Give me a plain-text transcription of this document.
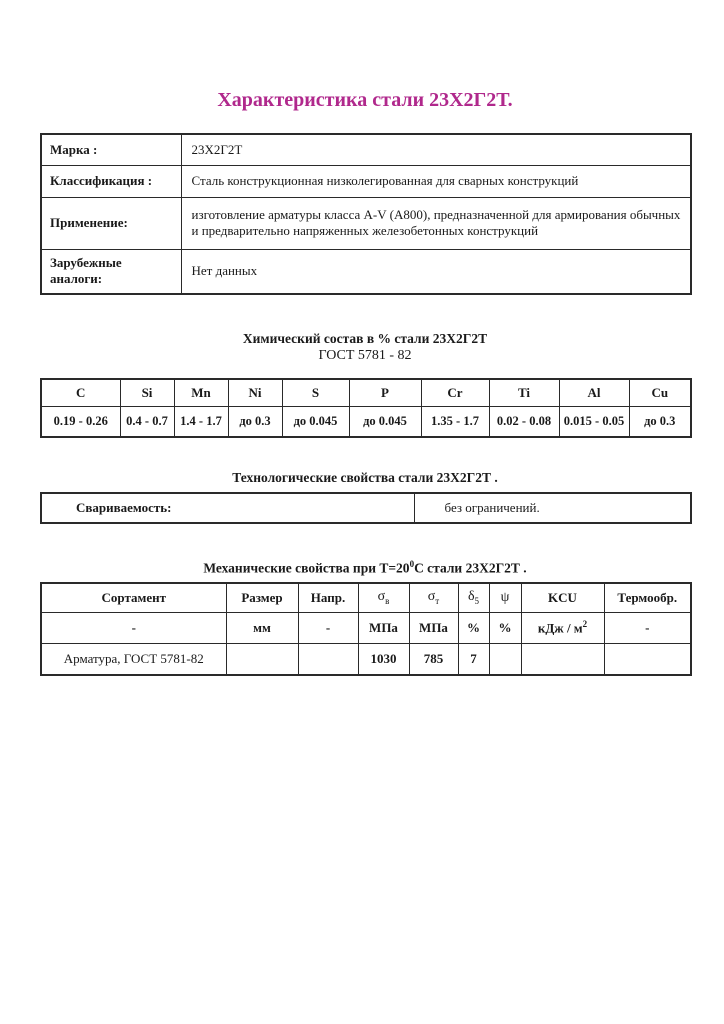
Характеристика стали 23Х2Г2Т.
Марка :	23Х2Г2Т
Классификация :	Сталь конструкционная низколегированная для сварных конструкций
Применение:	изготовление арматуры класса А-V (А800), предназначенной для армирования обычных и предварительно напряженных железобетонных конструкций
Зарубежные аналоги:	Нет данных
Химический состав в % стали 23Х2Г2Т
ГОСТ 5781 - 82
C	Si	Mn	Ni	S	P	Cr	Ti	Al	Cu
0.19 - 0.26	0.4 - 0.7	1.4 - 1.7	до 0.3	до 0.045	до 0.045	1.35 - 1.7	0.02 - 0.08	0.015 - 0.05	до 0.3
Технологические свойства стали 23Х2Г2Т .
Свариваемость:	без ограничений.
Механические свойства при $Т=20^0С$ стали 23Х2Г2Т .
Сортамент	Размер	Напр.	$\sigma_в$	$\sigma_т$	$\delta_5$	ψ	KCU	Термообр.
-	мм	-	МПа	МПа	%	%	кДж / $м^2$	-
Арматура, ГОСТ 5781-82			1030	785	7			
